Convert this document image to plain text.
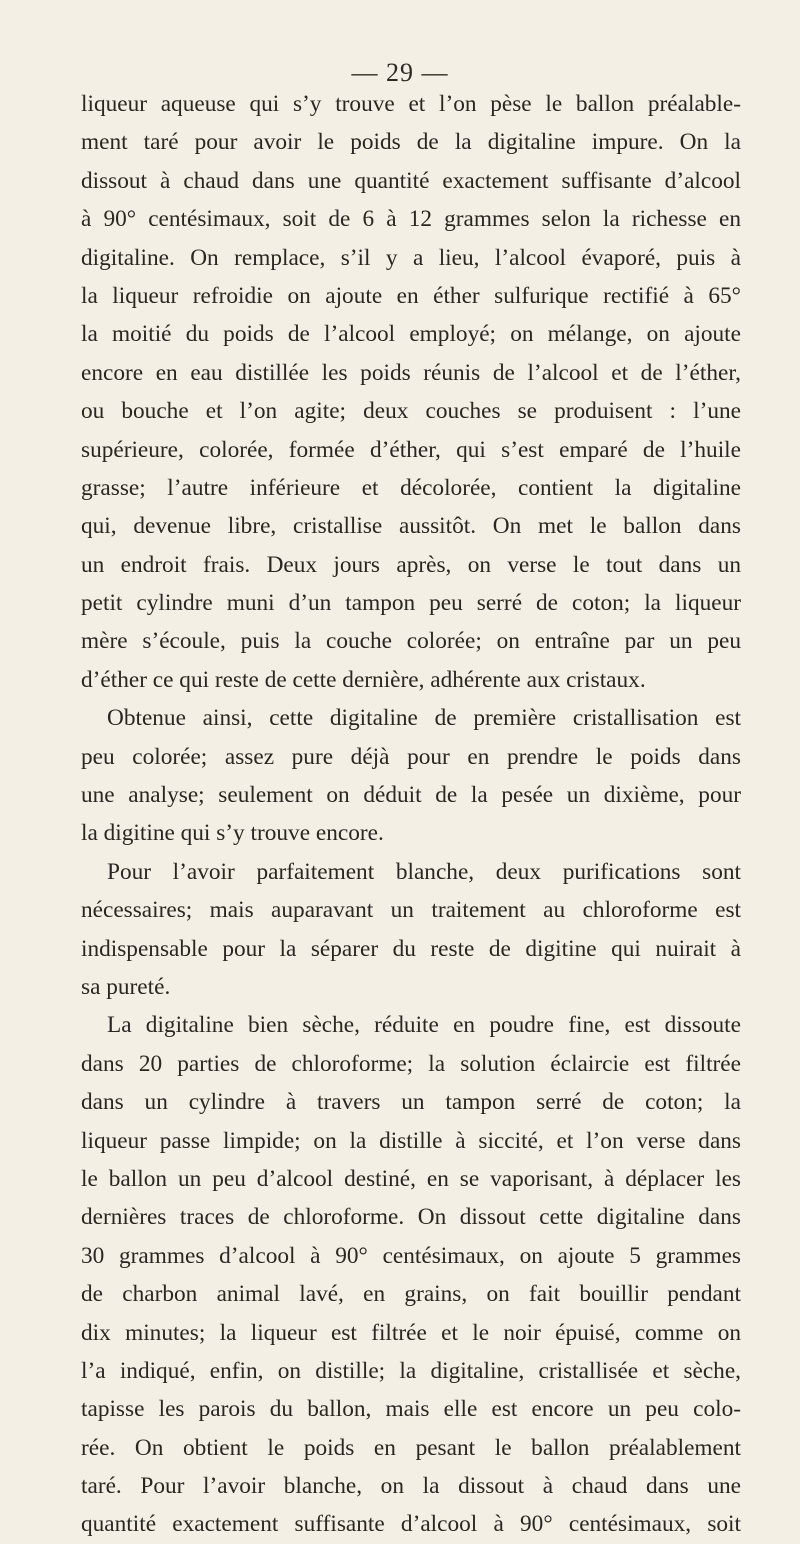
— 29 —
liqueur aqueuse qui s’y trouve et l’on pèse le ballon préalable-
ment taré pour avoir le poids de la digitaline impure. On la
dissout à chaud dans une quantité exactement suffisante d’alcool
à 90° centésimaux, soit de 6 à 12 grammes selon la richesse en
digitaline. On remplace, s’il y a lieu, l’alcool évaporé, puis à
la liqueur refroidie on ajoute en éther sulfurique rectifié à 65°
la moitié du poids de l’alcool employé; on mélange, on ajoute
encore en eau distillée les poids réunis de l’alcool et de l’éther,
ou bouche et l’on agite; deux couches se produisent : l’une
supérieure, colorée, formée d’éther, qui s’est emparé de l’huile
grasse; l’autre inférieure et décolorée, contient la digitaline
qui, devenue libre, cristallise aussitôt. On met le ballon dans
un endroit frais. Deux jours après, on verse le tout dans un
petit cylindre muni d’un tampon peu serré de coton; la liqueur
mère s’écoule, puis la couche colorée; on entraîne par un peu
d’éther ce qui reste de cette dernière, adhérente aux cristaux.
Obtenue ainsi, cette digitaline de première cristallisation est
peu colorée; assez pure déjà pour en prendre le poids dans
une analyse; seulement on déduit de la pesée un dixième, pour
la digitine qui s’y trouve encore.
Pour l’avoir parfaitement blanche, deux purifications sont
nécessaires; mais auparavant un traitement au chloroforme est
indispensable pour la séparer du reste de digitine qui nuirait à
sa pureté.
La digitaline bien sèche, réduite en poudre fine, est dissoute
dans 20 parties de chloroforme; la solution éclaircie est filtrée
dans un cylindre à travers un tampon serré de coton; la
liqueur passe limpide; on la distille à siccité, et l’on verse dans
le ballon un peu d’alcool destiné, en se vaporisant, à déplacer les
dernières traces de chloroforme. On dissout cette digitaline dans
30 grammes d’alcool à 90° centésimaux, on ajoute 5 grammes
de charbon animal lavé, en grains, on fait bouillir pendant
dix minutes; la liqueur est filtrée et le noir épuisé, comme on
l’a indiqué, enfin, on distille; la digitaline, cristallisée et sèche,
tapisse les parois du ballon, mais elle est encore un peu colo-
rée. On obtient le poids en pesant le ballon préalablement
taré. Pour l’avoir blanche, on la dissout à chaud dans une
quantité exactement suffisante d’alcool à 90° centésimaux, soit
